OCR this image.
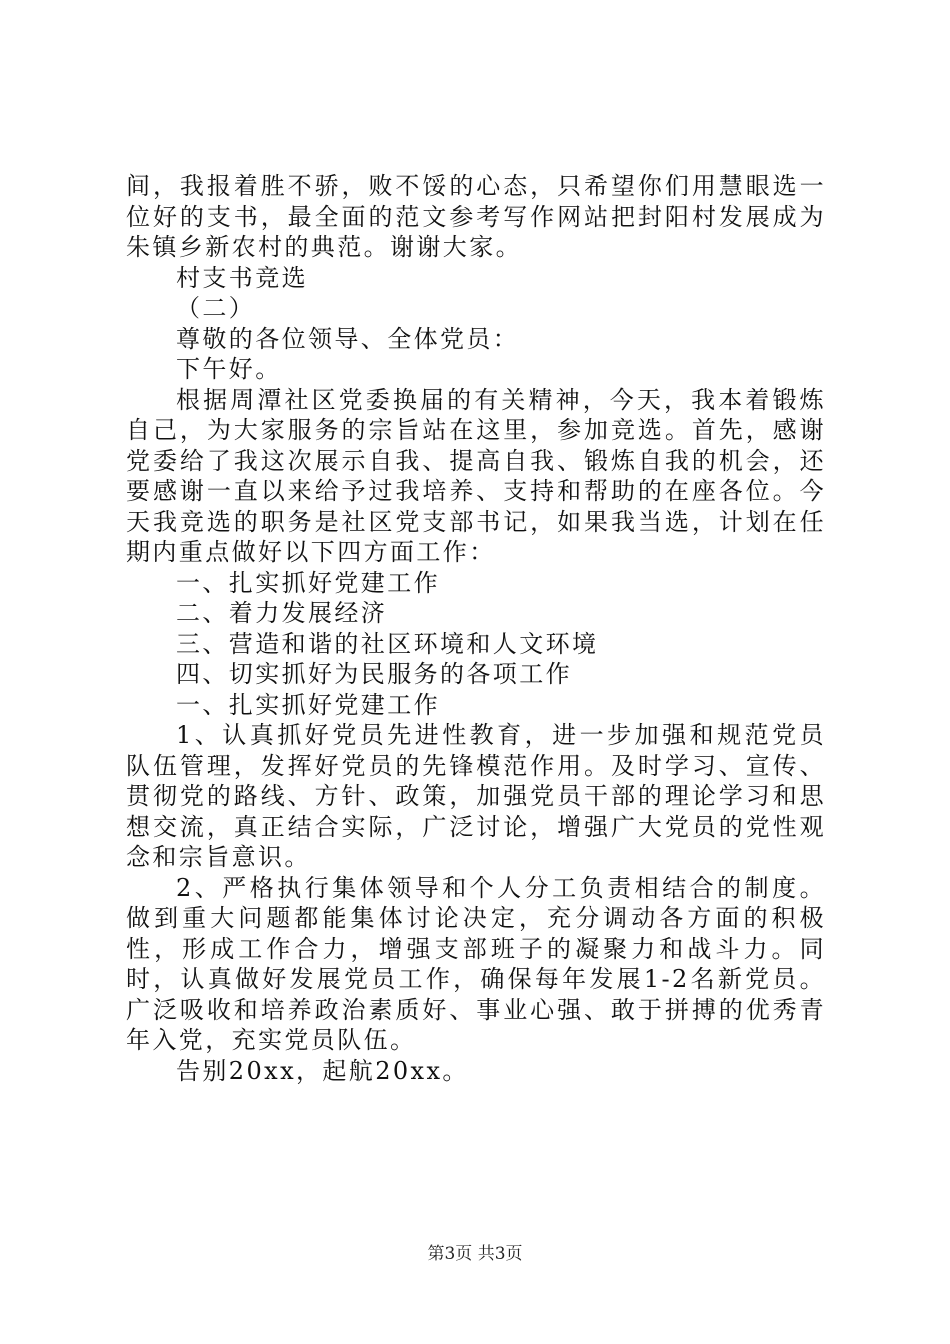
间，我报着胜不骄，败不馁的心态，只希望你们用慧眼选一位好的支书，最全面的范文参考写作网站把封阳村发展成为朱镇乡新农村的典范。谢谢大家。

村支书竞选

（二）

尊敬的各位领导、全体党员：

下午好。

根据周潭社区党委换届的有关精神，今天，我本着锻炼自己，为大家服务的宗旨站在这里，参加竞选。首先，感谢党委给了我这次展示自我、提高自我、锻炼自我的机会，还要感谢一直以来给予过我培养、支持和帮助的在座各位。今天我竞选的职务是社区党支部书记，如果我当选，计划在任期内重点做好以下四方面工作：

一、扎实抓好党建工作

二、着力发展经济

三、营造和谐的社区环境和人文环境

四、切实抓好为民服务的各项工作

一、扎实抓好党建工作

1、认真抓好党员先进性教育，进一步加强和规范党员队伍管理，发挥好党员的先锋模范作用。及时学习、宣传、贯彻党的路线、方针、政策，加强党员干部的理论学习和思想交流，真正结合实际，广泛讨论，增强广大党员的党性观念和宗旨意识。

2、严格执行集体领导和个人分工负责相结合的制度。做到重大问题都能集体讨论决定，充分调动各方面的积极性，形成工作合力，增强支部班子的凝聚力和战斗力。同时，认真做好发展党员工作，确保每年发展1-2名新党员。广泛吸收和培养政治素质好、事业心强、敢于拼搏的优秀青年入党，充实党员队伍。

告别20xx，起航20xx。

第3页 共3页
